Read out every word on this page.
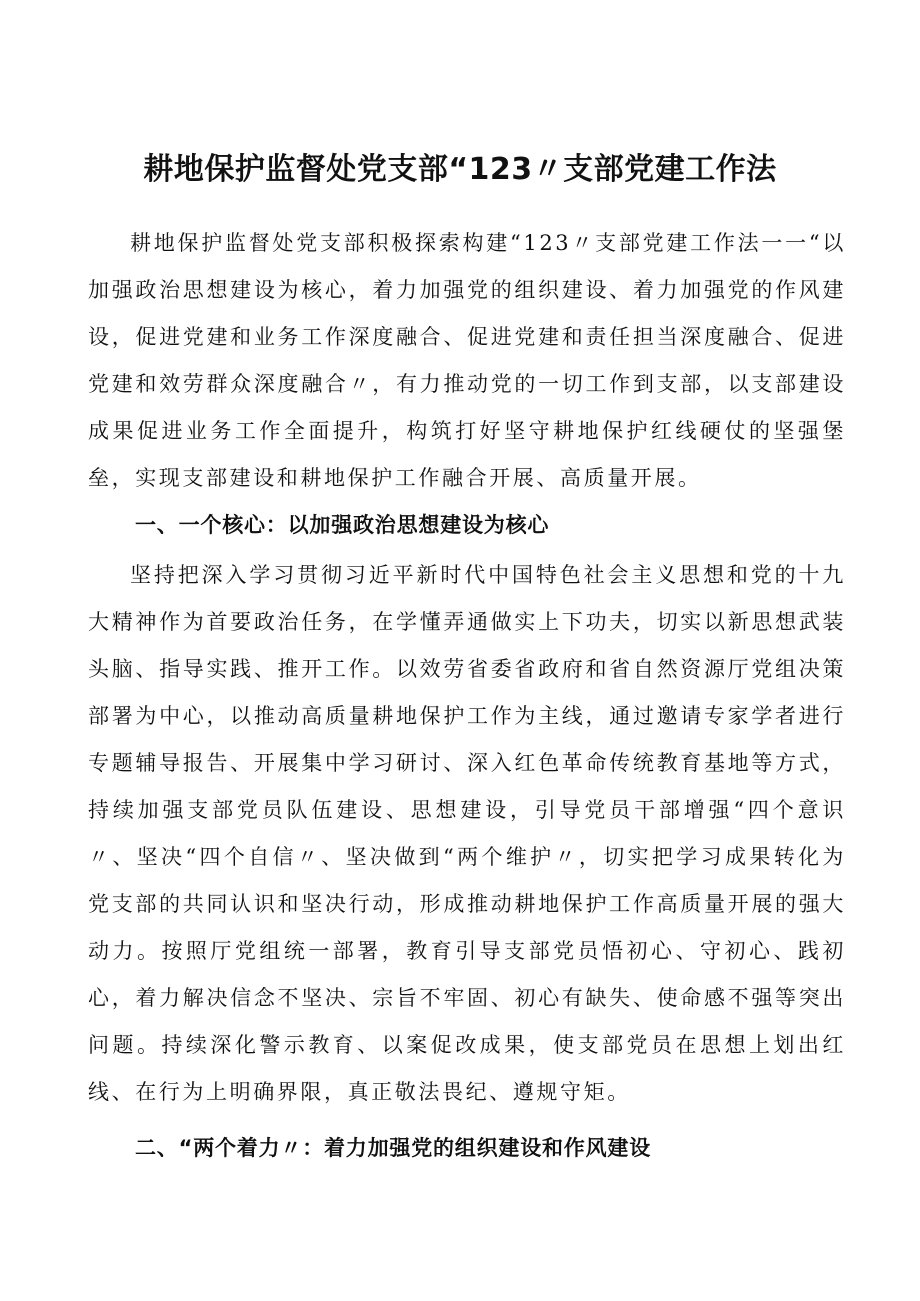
耕地保护监督处党支部“123〃支部党建工作法

耕地保护监督处党支部积极探索构建“123〃支部党建工作法一一“以加强政治思想建设为核心，着力加强党的组织建设、着力加强党的作风建设，促进党建和业务工作深度融合、促进党建和责任担当深度融合、促进党建和效劳群众深度融合〃，有力推动党的一切工作到支部，以支部建设成果促进业务工作全面提升，构筑打好坚守耕地保护红线硬仗的坚强堡垒，实现支部建设和耕地保护工作融合开展、高质量开展。

一、一个核心：以加强政治思想建设为核心

坚持把深入学习贯彻习近平新时代中国特色社会主义思想和党的十九大精神作为首要政治任务，在学懂弄通做实上下功夫，切实以新思想武装头脑、指导实践、推开工作。以效劳省委省政府和省自然资源厅党组决策部署为中心，以推动高质量耕地保护工作为主线，通过邀请专家学者进行专题辅导报告、开展集中学习研讨、深入红色革命传统教育基地等方式，持续加强支部党员队伍建设、思想建设，引导党员干部增强“四个意识〃、坚决“四个自信〃、坚决做到“两个维护〃，切实把学习成果转化为党支部的共同认识和坚决行动，形成推动耕地保护工作高质量开展的强大动力。按照厅党组统一部署，教育引导支部党员悟初心、守初心、践初心，着力解决信念不坚决、宗旨不牢固、初心有缺失、使命感不强等突出问题。持续深化警示教育、以案促改成果，使支部党员在思想上划出红线、在行为上明确界限，真正敬法畏纪、遵规守矩。

二、“两个着力〃：着力加强党的组织建设和作风建设
